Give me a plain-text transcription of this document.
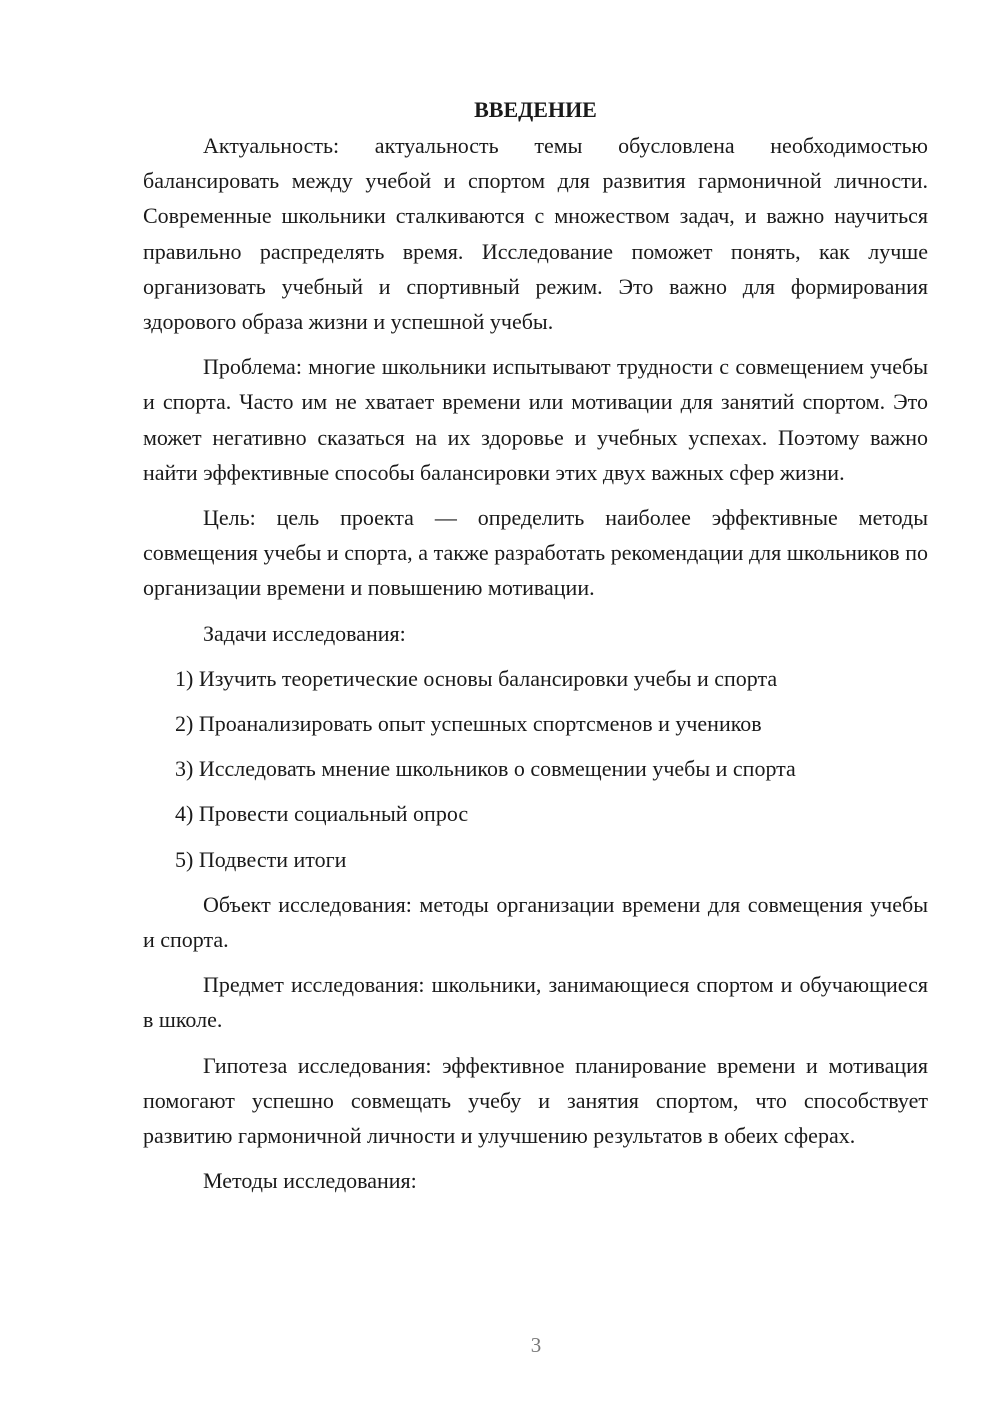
ВВЕДЕНИЕ

Актуальность: актуальность темы обусловлена необходимостью балансировать между учебой и спортом для развития гармоничной личности. Современные школьники сталкиваются с множеством задач, и важно научиться правильно распределять время. Исследование поможет понять, как лучше организовать учебный и спортивный режим. Это важно для формирования здорового образа жизни и успешной учебы.

Проблема: многие школьники испытывают трудности с совмещением учебы и спорта. Часто им не хватает времени или мотивации для занятий спортом. Это может негативно сказаться на их здоровье и учебных успехах. Поэтому важно найти эффективные способы балансировки этих двух важных сфер жизни.

Цель: цель проекта — определить наиболее эффективные методы совмещения учебы и спорта, а также разработать рекомендации для школьников по организации времени и повышению мотивации.

Задачи исследования:

1) Изучить теоретические основы балансировки учебы и спорта

2) Проанализировать опыт успешных спортсменов и учеников

3) Исследовать мнение школьников о совмещении учебы и спорта

4) Провести социальный опрос

5) Подвести итоги

Объект исследования: методы организации времени для совмещения учебы и спорта.

Предмет исследования: школьники, занимающиеся спортом и обучающиеся в школе.

Гипотеза исследования: эффективное планирование времени и мотивация помогают успешно совмещать учебу и занятия спортом, что способствует развитию гармоничной личности и улучшению результатов в обеих сферах.

Методы исследования:

3
